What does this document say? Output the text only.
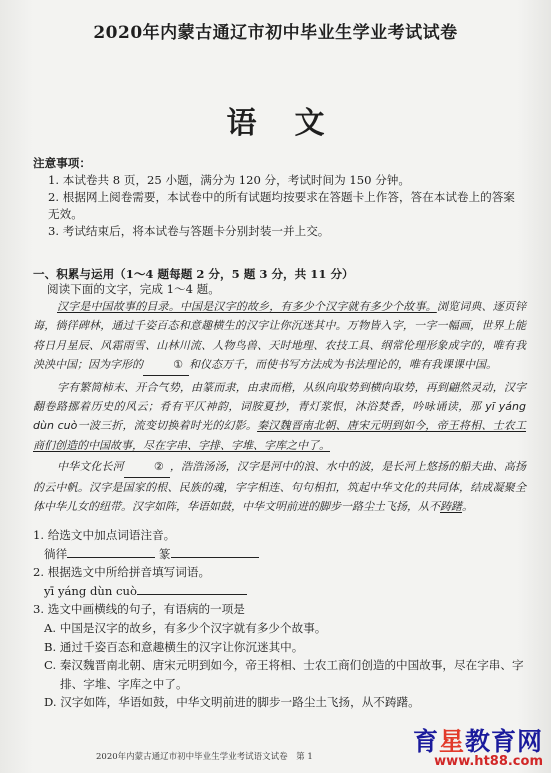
2020年内蒙古通辽市初中毕业生学业考试试卷
语文
注意事项：
1. 本试卷共 8 页，25 小题，满分为 120 分，考试时间为 150 分钟。
2. 根据网上阅卷需要，本试卷中的所有试题均按要求在答题卡上作答，答在本试卷上的答案无效。
3. 考试结束后，将本试卷与答题卡分别封装一并上交。
一、积累与运用（1～4 题每题 2 分，5 题 3 分，共 11 分）
阅读下面的文字，完成 1～4 题。

汉字是中国故事的目录。中国是汉字的故乡，有多少个汉字就有多少个故事。浏览词典、逐页锌诲，徜徉碑林，通过千姿百态和意趣横生的汉字让你沉迷其中。万物皆入字，一字一幅画，世界上能将日月星辰、风霜雨雪、山林川流、人物鸟兽、天时地理、农技工具、纲常伦理形象成字的，唯有我泱泱中国；因为字形的	① 和仪态万千，而使书写方法成为书法理论的，唯有我课课中国。

字有繁简柿末、开合气势，由篆而隶，由隶而楷，从纵向取势到横向取势，再到翩然灵动，汉字翻卷路挪着历史的风云；肴有平仄神韵，词胺夏抄，青灯浆恨，沐浴焚香，吟咏诵读，那 yī yáng dùn cuò一波三折，流变切换着时光的幻影。秦汉魏晋南北朝、唐宋元明到如今，帝王将相、士农工商们创造的中国故事，尽在字串、字排、字堆、字库之中了。

中华文化长河	② ，浩浩汤汤，汉字是河中的浪、水中的波，是长河上悠扬的船夫曲、高扬的云中帆。汉字是国家的根、民族的魂，字字相连、句句相扣，筑起中华文化的共同体，结成凝聚全体中华儿女的纽带。汉字如阵，华语如鼓，中华文明前进的脚步一路尘土飞扬，从不踌躇。

1. 给选文中加点词语注音。
徜徉	篆
2. 根据选文中所给拼音填写词语。
yī yáng dùn cuò
3. 选文中画横线的句子，有语病的一项是
A. 中国是汉字的故乡，有多少个汉字就有多少个故事。
B. 通过千姿百态和意趣横生的汉字让你沉迷其中。
C. 秦汉魏晋南北朝、唐宋元明到如今，帝王将相、士农工商们创造的中国故事，尽在字串、字
排、字堆、字库之中了。
D. 汉字如阵，华语如鼓，中华文明前进的脚步一路尘土飞扬，从不踌躇。
2020年内蒙古通辽市初中毕业生学业考试语文试卷　第 1
育星教育网
www.ht88.com
